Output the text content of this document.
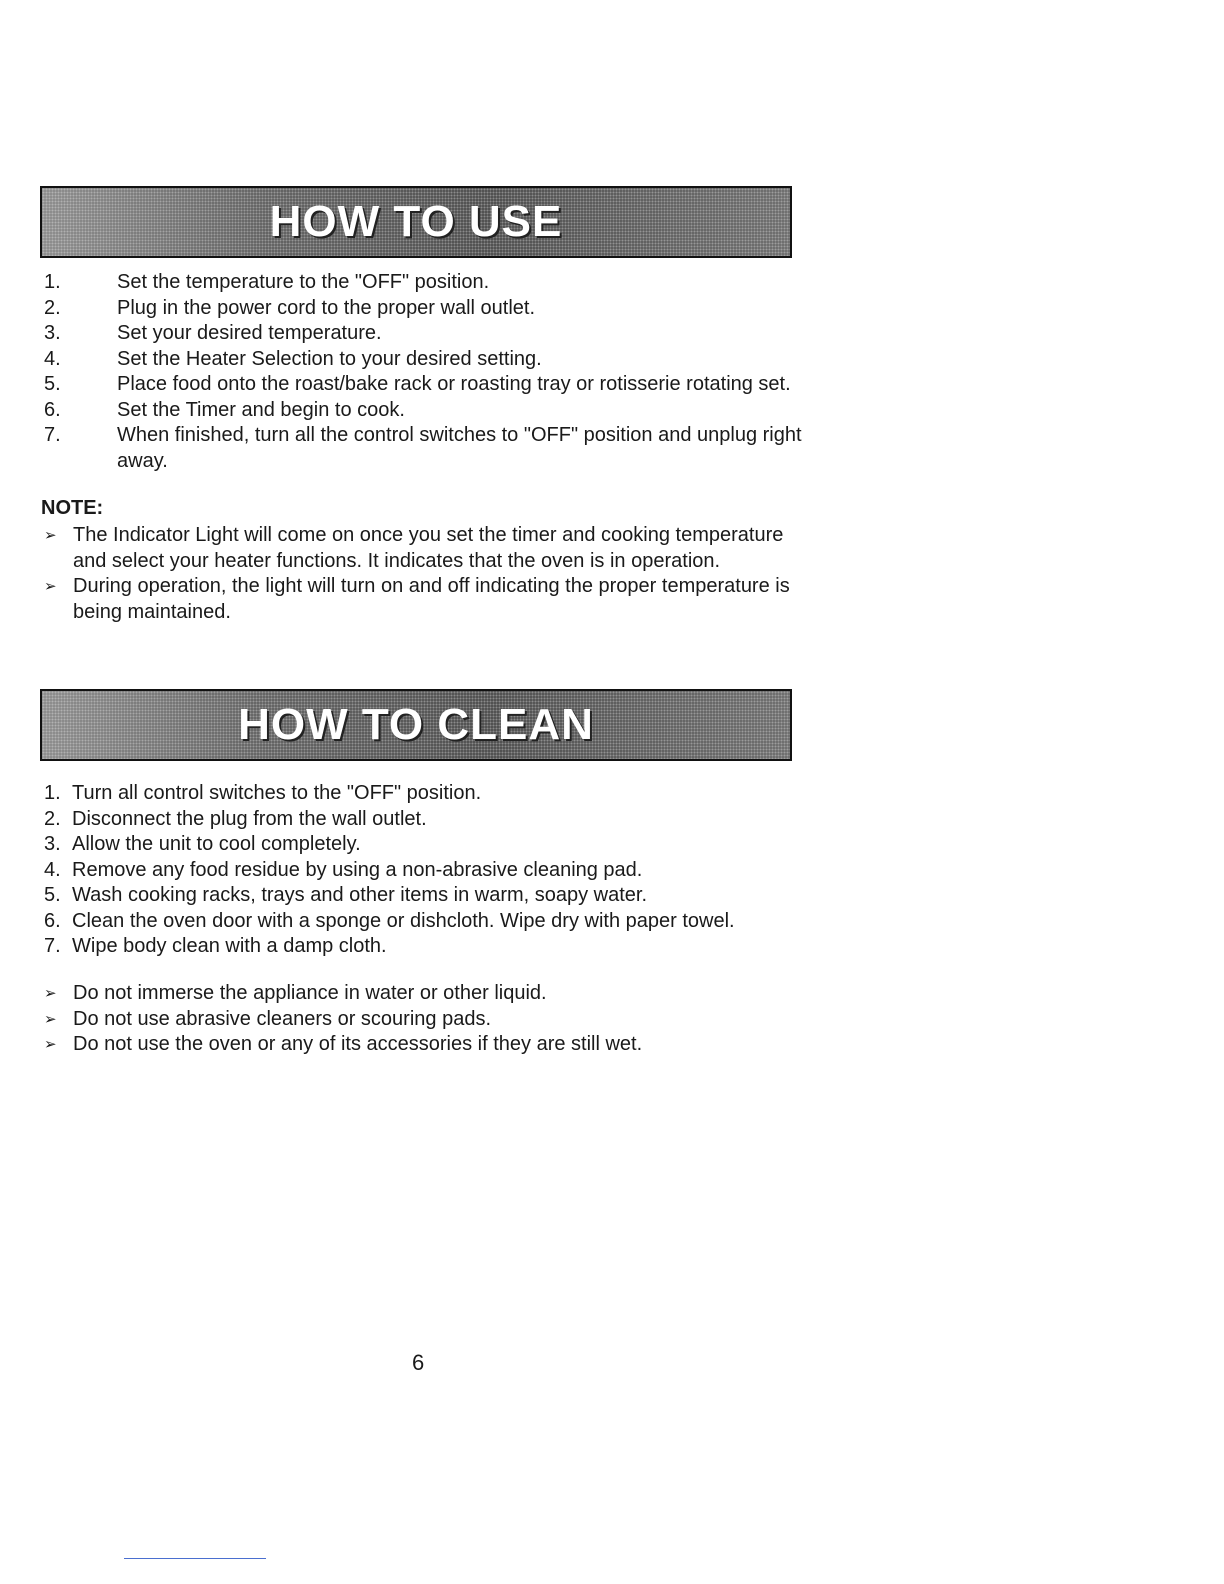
HOW TO USE
1.	Set the temperature to the "OFF" position.
2.	Plug in the power cord to the proper wall outlet.
3.	Set your desired temperature.
4.	Set the Heater Selection to your desired setting.
5.	Place food onto the roast/bake rack or roasting tray or rotisserie rotating set.
6.	Set the Timer and begin to cook.
7.	When finished, turn all the control switches to "OFF" position and unplug right away.
NOTE:
➢ The Indicator Light will come on once you set the timer and cooking temperature and select your heater functions. It indicates that the oven is in operation.
➢ During operation, the light will turn on and off indicating the proper temperature is being maintained.
HOW TO CLEAN
1. Turn all control switches to the "OFF" position.
2. Disconnect the plug from the wall outlet.
3. Allow the unit to cool completely.
4. Remove any food residue by using a non-abrasive cleaning pad.
5. Wash cooking racks, trays and other items in warm, soapy water.
6. Clean the oven door with a sponge or dishcloth. Wipe dry with paper towel.
7. Wipe body clean with a damp cloth.
➢ Do not immerse the appliance in water or other liquid.
➢ Do not use abrasive cleaners or scouring pads.
➢ Do not use the oven or any of its accessories if they are still wet.
6
